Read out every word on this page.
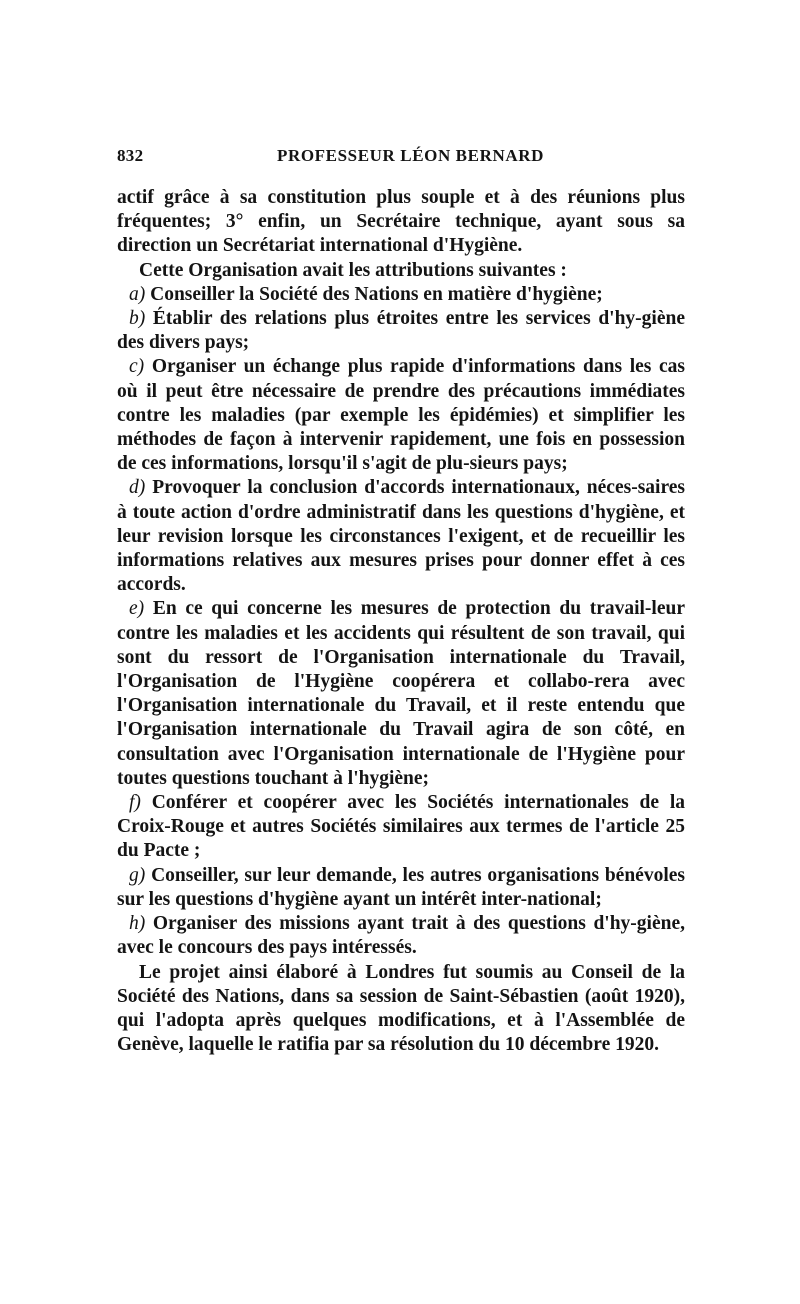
832	PROFESSEUR LÉON BERNARD

actif grâce à sa constitution plus souple et à des réunions plus fréquentes; 3° enfin, un Secrétaire technique, ayant sous sa direction un Secrétariat international d'Hygiène.

Cette Organisation avait les attributions suivantes :

a) Conseiller la Société des Nations en matière d'hygiène;

b) Établir des relations plus étroites entre les services d'hy-giène des divers pays;

c) Organiser un échange plus rapide d'informations dans les cas où il peut être nécessaire de prendre des précautions immédiates contre les maladies (par exemple les épidémies) et simplifier les méthodes de façon à intervenir rapidement, une fois en possession de ces informations, lorsqu'il s'agit de plu-sieurs pays;

d) Provoquer la conclusion d'accords internationaux, néces-saires à toute action d'ordre administratif dans les questions d'hygiène, et leur revision lorsque les circonstances l'exigent, et de recueillir les informations relatives aux mesures prises pour donner effet à ces accords.

e) En ce qui concerne les mesures de protection du travail-leur contre les maladies et les accidents qui résultent de son travail, qui sont du ressort de l'Organisation internationale du Travail, l'Organisation de l'Hygiène coopérera et collabo-rera avec l'Organisation internationale du Travail, et il reste entendu que l'Organisation internationale du Travail agira de son côté, en consultation avec l'Organisation internationale de l'Hygiène pour toutes questions touchant à l'hygiène;

f) Conférer et coopérer avec les Sociétés internationales de la Croix-Rouge et autres Sociétés similaires aux termes de l'article 25 du Pacte ;

g) Conseiller, sur leur demande, les autres organisations bénévoles sur les questions d'hygiène ayant un intérêt inter-national;

h) Organiser des missions ayant trait à des questions d'hy-giène, avec le concours des pays intéressés.

Le projet ainsi élaboré à Londres fut soumis au Conseil de la Société des Nations, dans sa session de Saint-Sébastien (août 1920), qui l'adopta après quelques modifications, et à l'Assemblée de Genève, laquelle le ratifia par sa résolution du 10 décembre 1920.
